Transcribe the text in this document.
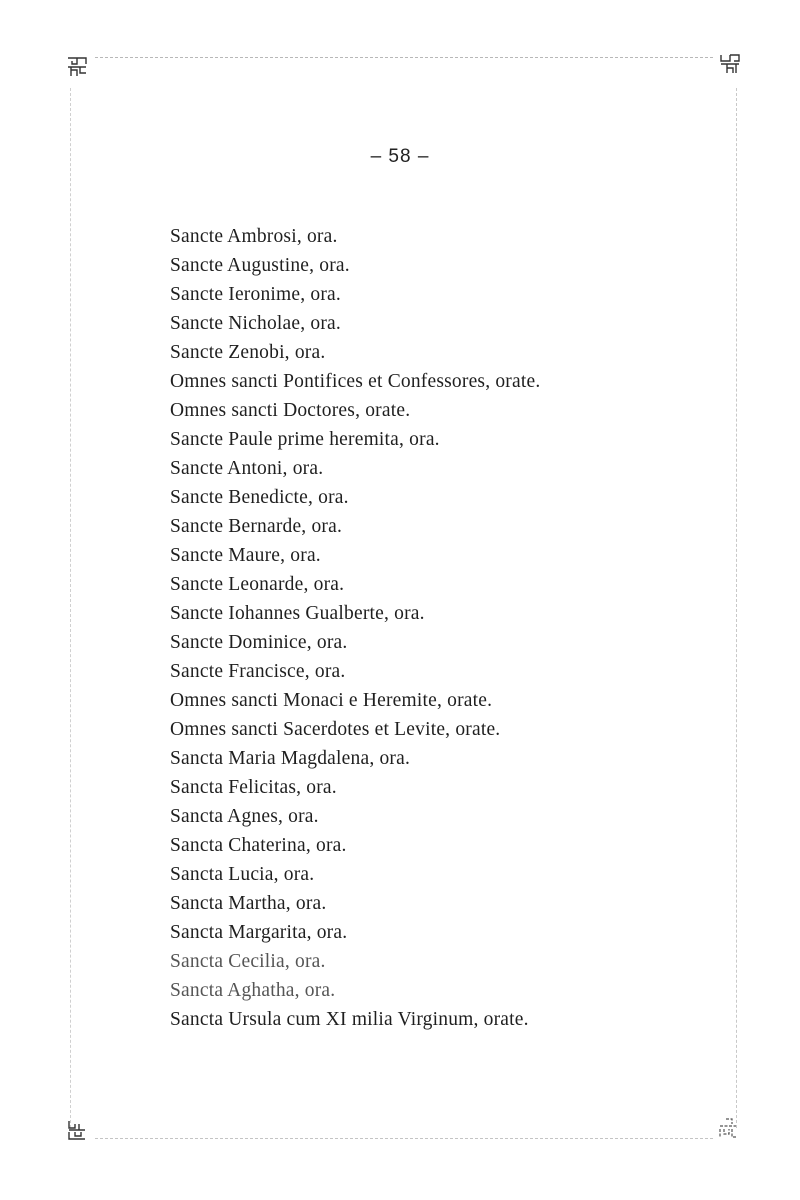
– 58 –
Sancte Ambrosi, ora.
Sancte Augustine, ora.
Sancte Ieronime, ora.
Sancte Nicholae, ora.
Sancte Zenobi, ora.
Omnes sancti Pontifices et Confessores, orate.
Omnes sancti Doctores, orate.
Sancte Paule prime heremita, ora.
Sancte Antoni, ora.
Sancte Benedicte, ora.
Sancte Bernarde, ora.
Sancte Maure, ora.
Sancte Leonarde, ora.
Sancte Iohannes Gualberte, ora.
Sancte Dominice, ora.
Sancte Francisce, ora.
Omnes sancti Monaci e Heremite, orate.
Omnes sancti Sacerdotes et Levite, orate.
Sancta Maria Magdalena, ora.
Sancta Felicitas, ora.
Sancta Agnes, ora.
Sancta Chaterina, ora.
Sancta Lucia, ora.
Sancta Martha, ora.
Sancta Margarita, ora.
Sancta Cecilia, ora.
Sancta Aghatha, ora.
Sancta Ursula cum XI milia Virginum, orate.
